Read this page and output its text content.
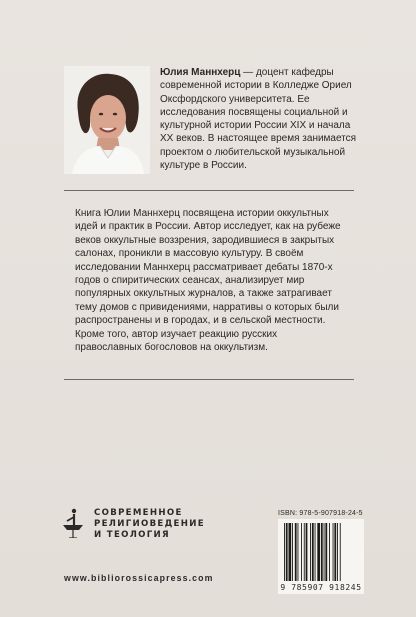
Юлия Маннхерц — доцент кафедры современной истории в Колледже Ориел Оксфордского университета. Ее исследования посвящены социальной и культурной истории России XIX и начала XX веков. В настоящее время занимается проектом о любительской музыкальной культуре в России.
Книга Юлии Маннхерц посвящена истории оккультных идей и практик в России. Автор исследует, как на рубеже веков оккультные воззрения, зародившиеся в закрытых салонах, проникли в массовую культуру. В своём исследовании Маннхерц рассматривает дебаты 1870-х годов о спиритических сеансах, анализирует мир популярных оккультных журналов, а также затрагивает тему домов с привидениями, нарративы о которых были распространены и в городах, и в сельской местности. Кроме того, автор изучает реакцию русских православных богословов на оккультизм.
СОВРЕМЕННОЕ
РЕЛИГИОВЕДЕНИЕ
И ТЕОЛОГИЯ
ISBN: 978-5-907918-24-5
9 785907 918245
www.bibliorossicapress.com
